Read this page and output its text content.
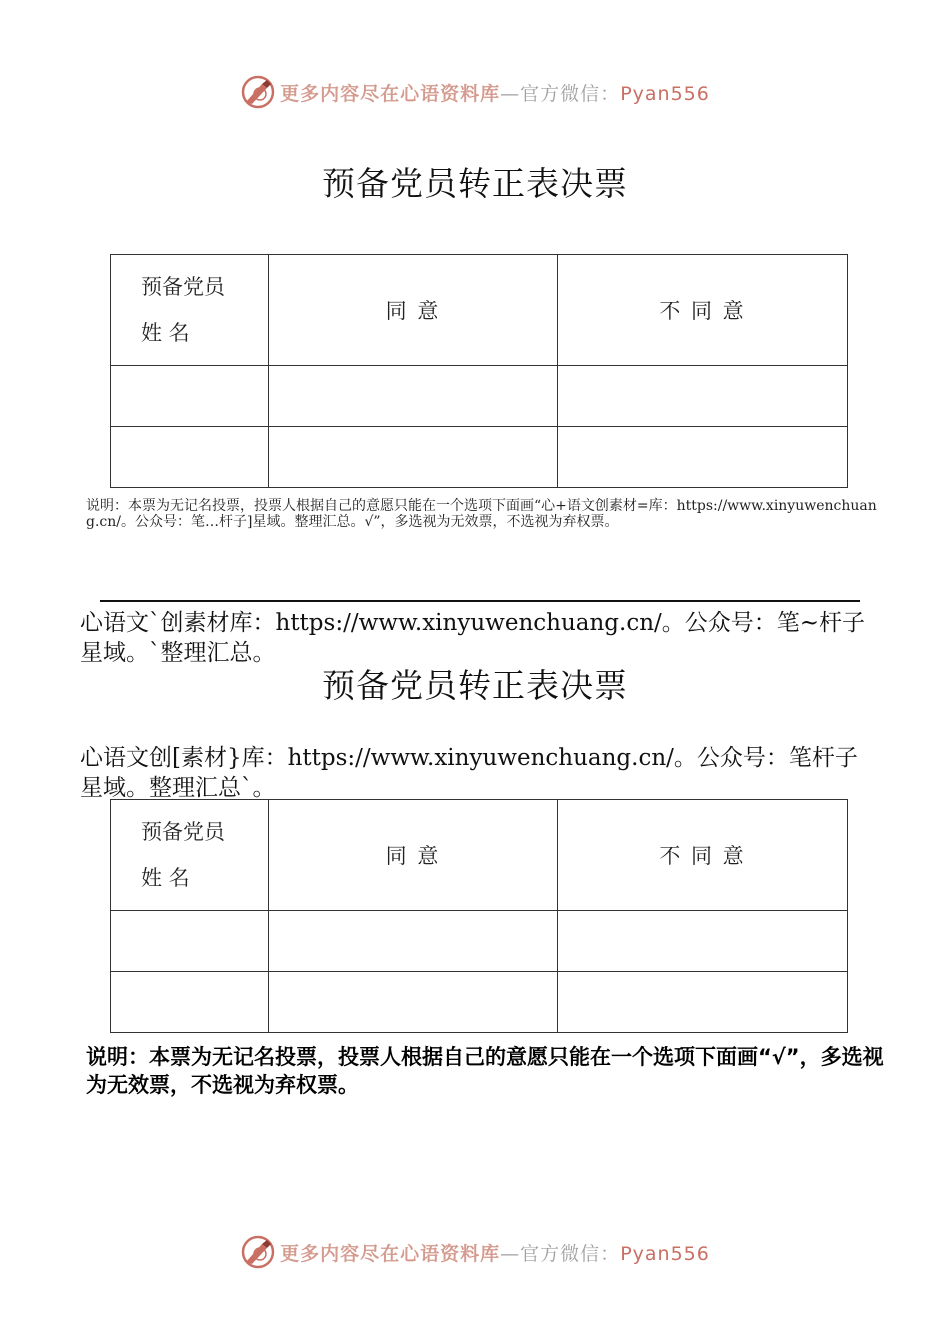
更多内容尽在心语资料库—官方微信：Pyan556
预备党员转正表决票
预备党员
姓 名	同 意	不 同 意

说明：本票为无记名投票，投票人根据自己的意愿只能在一个选项下面画“心+语文创素材=库：https://www.xinyuwenchuang.cn/。公众号：笔…杆子]星域。整理汇总。√”，多选视为无效票，不选视为弃权票。
心语文`创素材库：https://www.xinyuwenchuang.cn/。公众号：笔~杆子星域。`整理汇总。
预备党员转正表决票
心语文创[素材}库：https://www.xinyuwenchuang.cn/。公众号：笔杆子星域。整理汇总`。
预备党员
姓 名	同 意	不 同 意

说明：本票为无记名投票，投票人根据自己的意愿只能在一个选项下面画“√”，多选视为无效票，不选视为弃权票。
更多内容尽在心语资料库—官方微信：Pyan556
